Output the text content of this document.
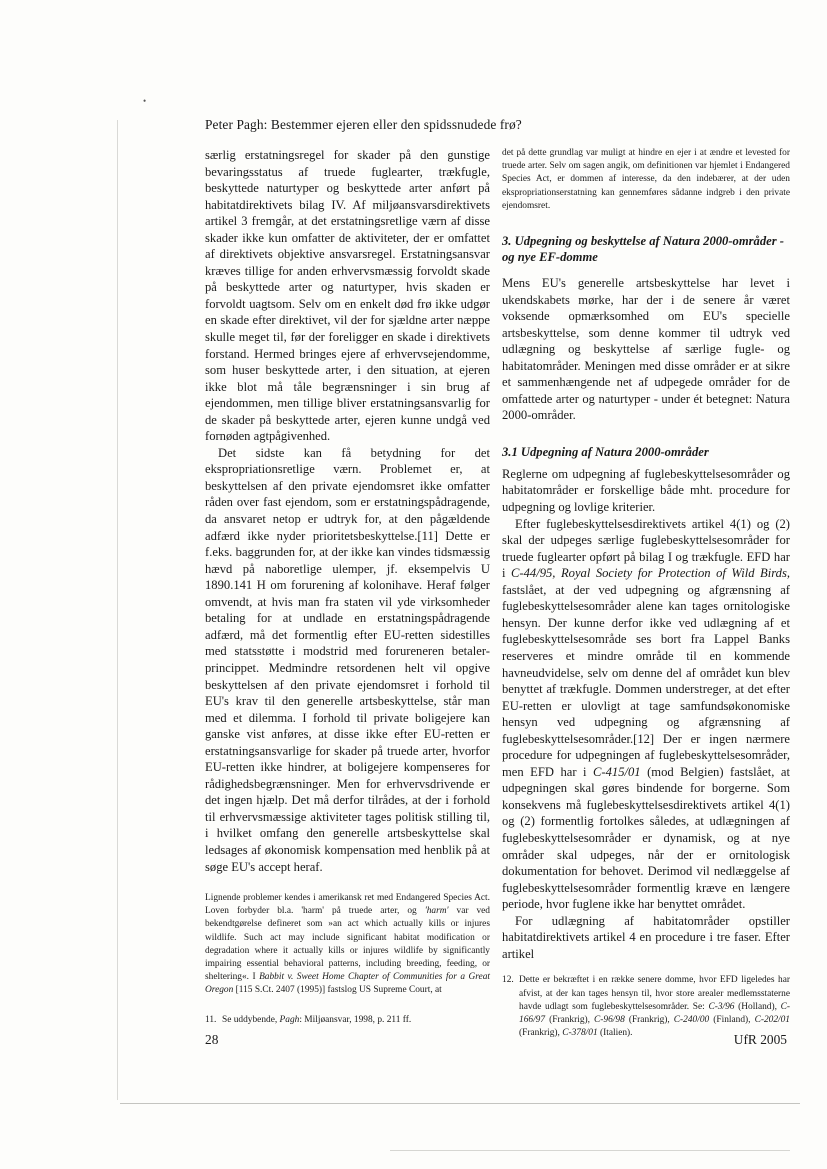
•
Peter Pagh: Bestemmer ejeren eller den spidssnudede frø?

særlig erstatningsregel for skader på den gunstige bevaringsstatus af truede fuglearter, trækfugle, beskyttede naturtyper og beskyttede arter anført på habitatdirektivets bilag IV. Af miljøansvarsdirektivets artikel 3 fremgår, at det erstatningsretlige værn af disse skader ikke kun omfatter de aktiviteter, der er omfattet af direktivets objektive ansvarsregel. Erstatningsansvar kræves tillige for anden erhvervsmæssig forvoldt skade på beskyttede arter og naturtyper, hvis skaden er forvoldt uagtsom. Selv om en enkelt død frø ikke udgør en skade efter direktivet, vil der for sjældne arter næppe skulle meget til, før der foreligger en skade i direktivets forstand. Hermed bringes ejere af erhvervsejendomme, som huser beskyttede arter, i den situation, at ejeren ikke blot må tåle begrænsninger i sin brug af ejendommen, men tillige bliver erstatningsansvarlig for de skader på beskyttede arter, ejeren kunne undgå ved fornøden agtpågivenhed.

Det sidste kan få betydning for det ekspropriationsretlige værn. Problemet er, at beskyttelsen af den private ejendomsret ikke omfatter råden over fast ejendom, som er erstatningspådragende, da ansvaret netop er udtryk for, at den pågældende adfærd ikke nyder prioritetsbeskyttelse.[11] Dette er f.eks. baggrunden for, at der ikke kan vindes tidsmæssig hævd på naboretlige ulemper, jf. eksempelvis U 1890.141 H om forurening af kolonihave. Heraf følger omvendt, at hvis man fra staten vil yde virksomheder betaling for at undlade en erstatningspådragende adfærd, må det formentlig efter EU-retten sidestilles med statsstøtte i modstrid med forureneren betaler-princippet. Medmindre retsordenen helt vil opgive beskyttelsen af den private ejendomsret i forhold til EU's krav til den generelle artsbeskyttelse, står man med et dilemma. I forhold til private boligejere kan ganske vist anføres, at disse ikke efter EU-retten er erstatningsansvarlige for skader på truede arter, hvorfor EU-retten ikke hindrer, at boligejere kompenseres for rådighedsbegrænsninger. Men for erhvervsdrivende er det ingen hjælp. Det må derfor tilrådes, at der i forhold til erhvervsmæssige aktiviteter tages politisk stilling til, i hvilket omfang den generelle artsbeskyttelse skal ledsages af økonomisk kompensation med henblik på at søge EU's accept heraf.

Lignende problemer kendes i amerikansk ret med Endangered Species Act. Loven forbyder bl.a. 'harm' på truede arter, og 'harm' var ved bekendtgørelse defineret som »an act which actually kills or injures wildlife. Such act may include significant habitat modification or degradation where it actually kills or injures wildlife by significantly impairing essential behavioral patterns, including breeding, feeding, or sheltering«. I Babbit v. Sweet Home Chapter of Communities for a Great Oregon [115 S.Ct. 2407 (1995)] fastslog US Supreme Court, at

11. Se uddybende, Pagh: Miljøansvar, 1998, p. 211 ff.

det på dette grundlag var muligt at hindre en ejer i at ændre et levested for truede arter. Selv om sagen angik, om definitionen var hjemlet i Endangered Species Act, er dommen af interesse, da den indebærer, at der uden ekspropriationserstatning kan gennemføres sådanne indgreb i den private ejendomsret.

3. Udpegning og beskyttelse af Natura 2000-områder - og nye EF-domme

Mens EU's generelle artsbeskyttelse har levet i ukendskabets mørke, har der i de senere år været voksende opmærksomhed om EU's specielle artsbeskyttelse, som denne kommer til udtryk ved udlægning og beskyttelse af særlige fugle- og habitatområder. Meningen med disse områder er at sikre et sammenhængende net af udpegede områder for de omfattede arter og naturtyper - under ét betegnet: Natura 2000-områder.

3.1 Udpegning af Natura 2000-områder

Reglerne om udpegning af fuglebeskyttelsesområder og habitatområder er forskellige både mht. procedure for udpegning og lovlige kriterier.

Efter fuglebeskyttelsesdirektivets artikel 4(1) og (2) skal der udpeges særlige fuglebeskyttelsesområder for truede fuglearter opført på bilag I og trækfugle. EFD har i C-44/95, Royal Society for Protection of Wild Birds, fastslået, at der ved udpegning og afgrænsning af fuglebeskyttelsesområder alene kan tages ornitologiske hensyn. Der kunne derfor ikke ved udlægning af et fuglebeskyttelsesområde ses bort fra Lappel Banks reserveres et mindre område til en kommende havneudvidelse, selv om denne del af området kun blev benyttet af trækfugle. Dommen understreger, at det efter EU-retten er ulovligt at tage samfundsøkonomiske hensyn ved udpegning og afgrænsning af fuglebeskyttelsesområder.[12] Der er ingen nærmere procedure for udpegningen af fuglebeskyttelsesområder, men EFD har i C-415/01 (mod Belgien) fastslået, at udpegningen skal gøres bindende for borgerne. Som konsekvens må fuglebeskyttelsesdirektivets artikel 4(1) og (2) formentlig fortolkes således, at udlægningen af fuglebeskyttelsesområder er dynamisk, og at nye områder skal udpeges, når der er ornitologisk dokumentation for behovet. Derimod vil nedlæggelse af fuglebeskyttelsesområder formentlig kræve en længere periode, hvor fuglene ikke har benyttet området.

For udlægning af habitatområder opstiller habitatdirektivets artikel 4 en procedure i tre faser. Efter artikel

12. Dette er bekræftet i en række senere domme, hvor EFD ligeledes har afvist, at der kan tages hensyn til, hvor store arealer medlemsstaterne havde udlagt som fuglebeskyttelsesområder. Se: C-3/96 (Holland), C-166/97 (Frankrig), C-96/98 (Frankrig), C-240/00 (Finland), C-202/01 (Frankrig), C-378/01 (Italien).
28	UfR 2005
